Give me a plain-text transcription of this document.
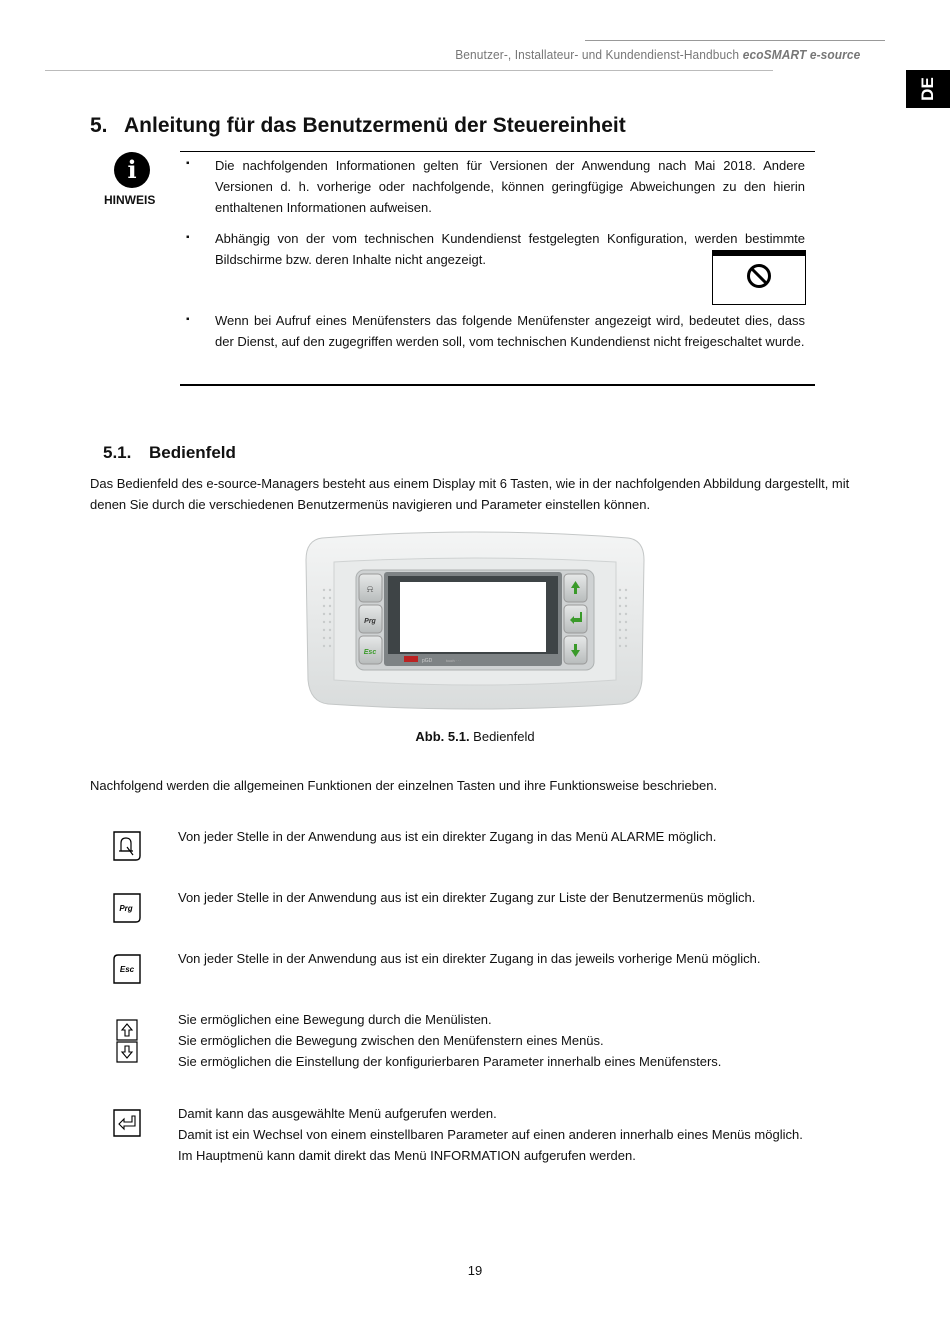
Benutzer-, Installateur- und Kundendienst-Handbuch ecoSMART e-source
DE
5. Anleitung für das Benutzermenü der Steuereinheit
i
HINWEIS
▪ Die nachfolgenden Informationen gelten für Versionen der Anwendung nach Mai 2018. Andere Versionen d. h. vorherige oder nachfolgende, können geringfügige Abweichungen zu den hierin enthaltenen Informationen aufweisen.
▪ Abhängig von der vom technischen Kundendienst festgelegten Konfiguration, werden bestimmte Bildschirme bzw. deren Inhalte nicht angezeigt.
▪ Wenn bei Aufruf eines Menüfensters das folgende Menüfenster angezeigt wird, bedeutet dies, dass der Dienst, auf den zugegriffen werden soll, vom technischen Kundendienst nicht freigeschaltet wurde.
5.1. Bedienfeld
Das Bedienfeld des e-source-Managers besteht aus einem Display mit 6 Tasten, wie in der nachfolgenden Abbildung dargestellt, mit denen Sie durch die verschiedenen Benutzermenüs navigieren und Parameter einstellen können.
pGD	touch · · ·
⍾
Prg
Esc
Abb. 5.1. Bedienfeld
Nachfolgend werden die allgemeinen Funktionen der einzelnen Tasten und ihre Funktionsweise beschrieben.
Von jeder Stelle in der Anwendung aus ist ein direkter Zugang in das Menü ALARME möglich.
Prg
Von jeder Stelle in der Anwendung aus ist ein direkter Zugang zur Liste der Benutzermenüs möglich.
Esc
Von jeder Stelle in der Anwendung aus ist ein direkter Zugang in das jeweils vorherige Menü möglich.
Sie ermöglichen eine Bewegung durch die Menülisten.
Sie ermöglichen die Bewegung zwischen den Menüfenstern eines Menüs.
Sie ermöglichen die Einstellung der konfigurierbaren Parameter innerhalb eines Menüfensters.
Damit kann das ausgewählte Menü aufgerufen werden.
Damit ist ein Wechsel von einem einstellbaren Parameter auf einen anderen innerhalb eines Menüs möglich.
Im Hauptmenü kann damit direkt das Menü INFORMATION aufgerufen werden.
19
